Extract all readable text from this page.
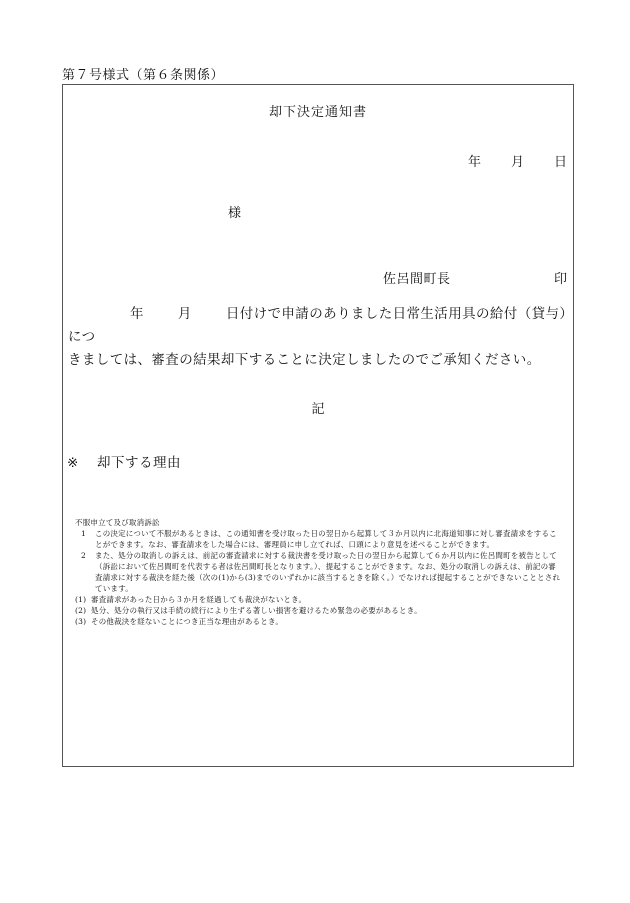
第７号様式（第６条関係）
却下決定通知書
年 月 日
様
佐呂間町長	印
年	月	日付けで申請のありました日常生活用具の給付（貸与）につ
きましては、審査の結果却下することに決定しましたのでご承知ください。
記
※ 却下する理由
不服申立て及び取消訴訟
1	この決定について不服があるときは、この通知書を受け取った日の翌日から起算して３か月以内に北海道知事に対し審査請求をすることができます。なお、審査請求をした場合には、審理員に申し立てれば、口頭により意見を述べることができます。
2	また、処分の取消しの訴えは、前記の審査請求に対する裁決書を受け取った日の翌日から起算して６か月以内に佐呂間町を被告として（訴訟において佐呂間町を代表する者は佐呂間町長となります。）、提起することができます。なお、処分の取消しの訴えは、前記の審査請求に対する裁決を経た後（次の(1)から(3)までのいずれかに該当するときを除く。）でなければ提起することができないこととされています。
(1) 審査請求があった日から３か月を経過しても裁決がないとき。
(2) 処分、処分の執行又は手続の続行により生ずる著しい損害を避けるため緊急の必要があるとき。
(3) その他裁決を経ないことにつき正当な理由があるとき。
